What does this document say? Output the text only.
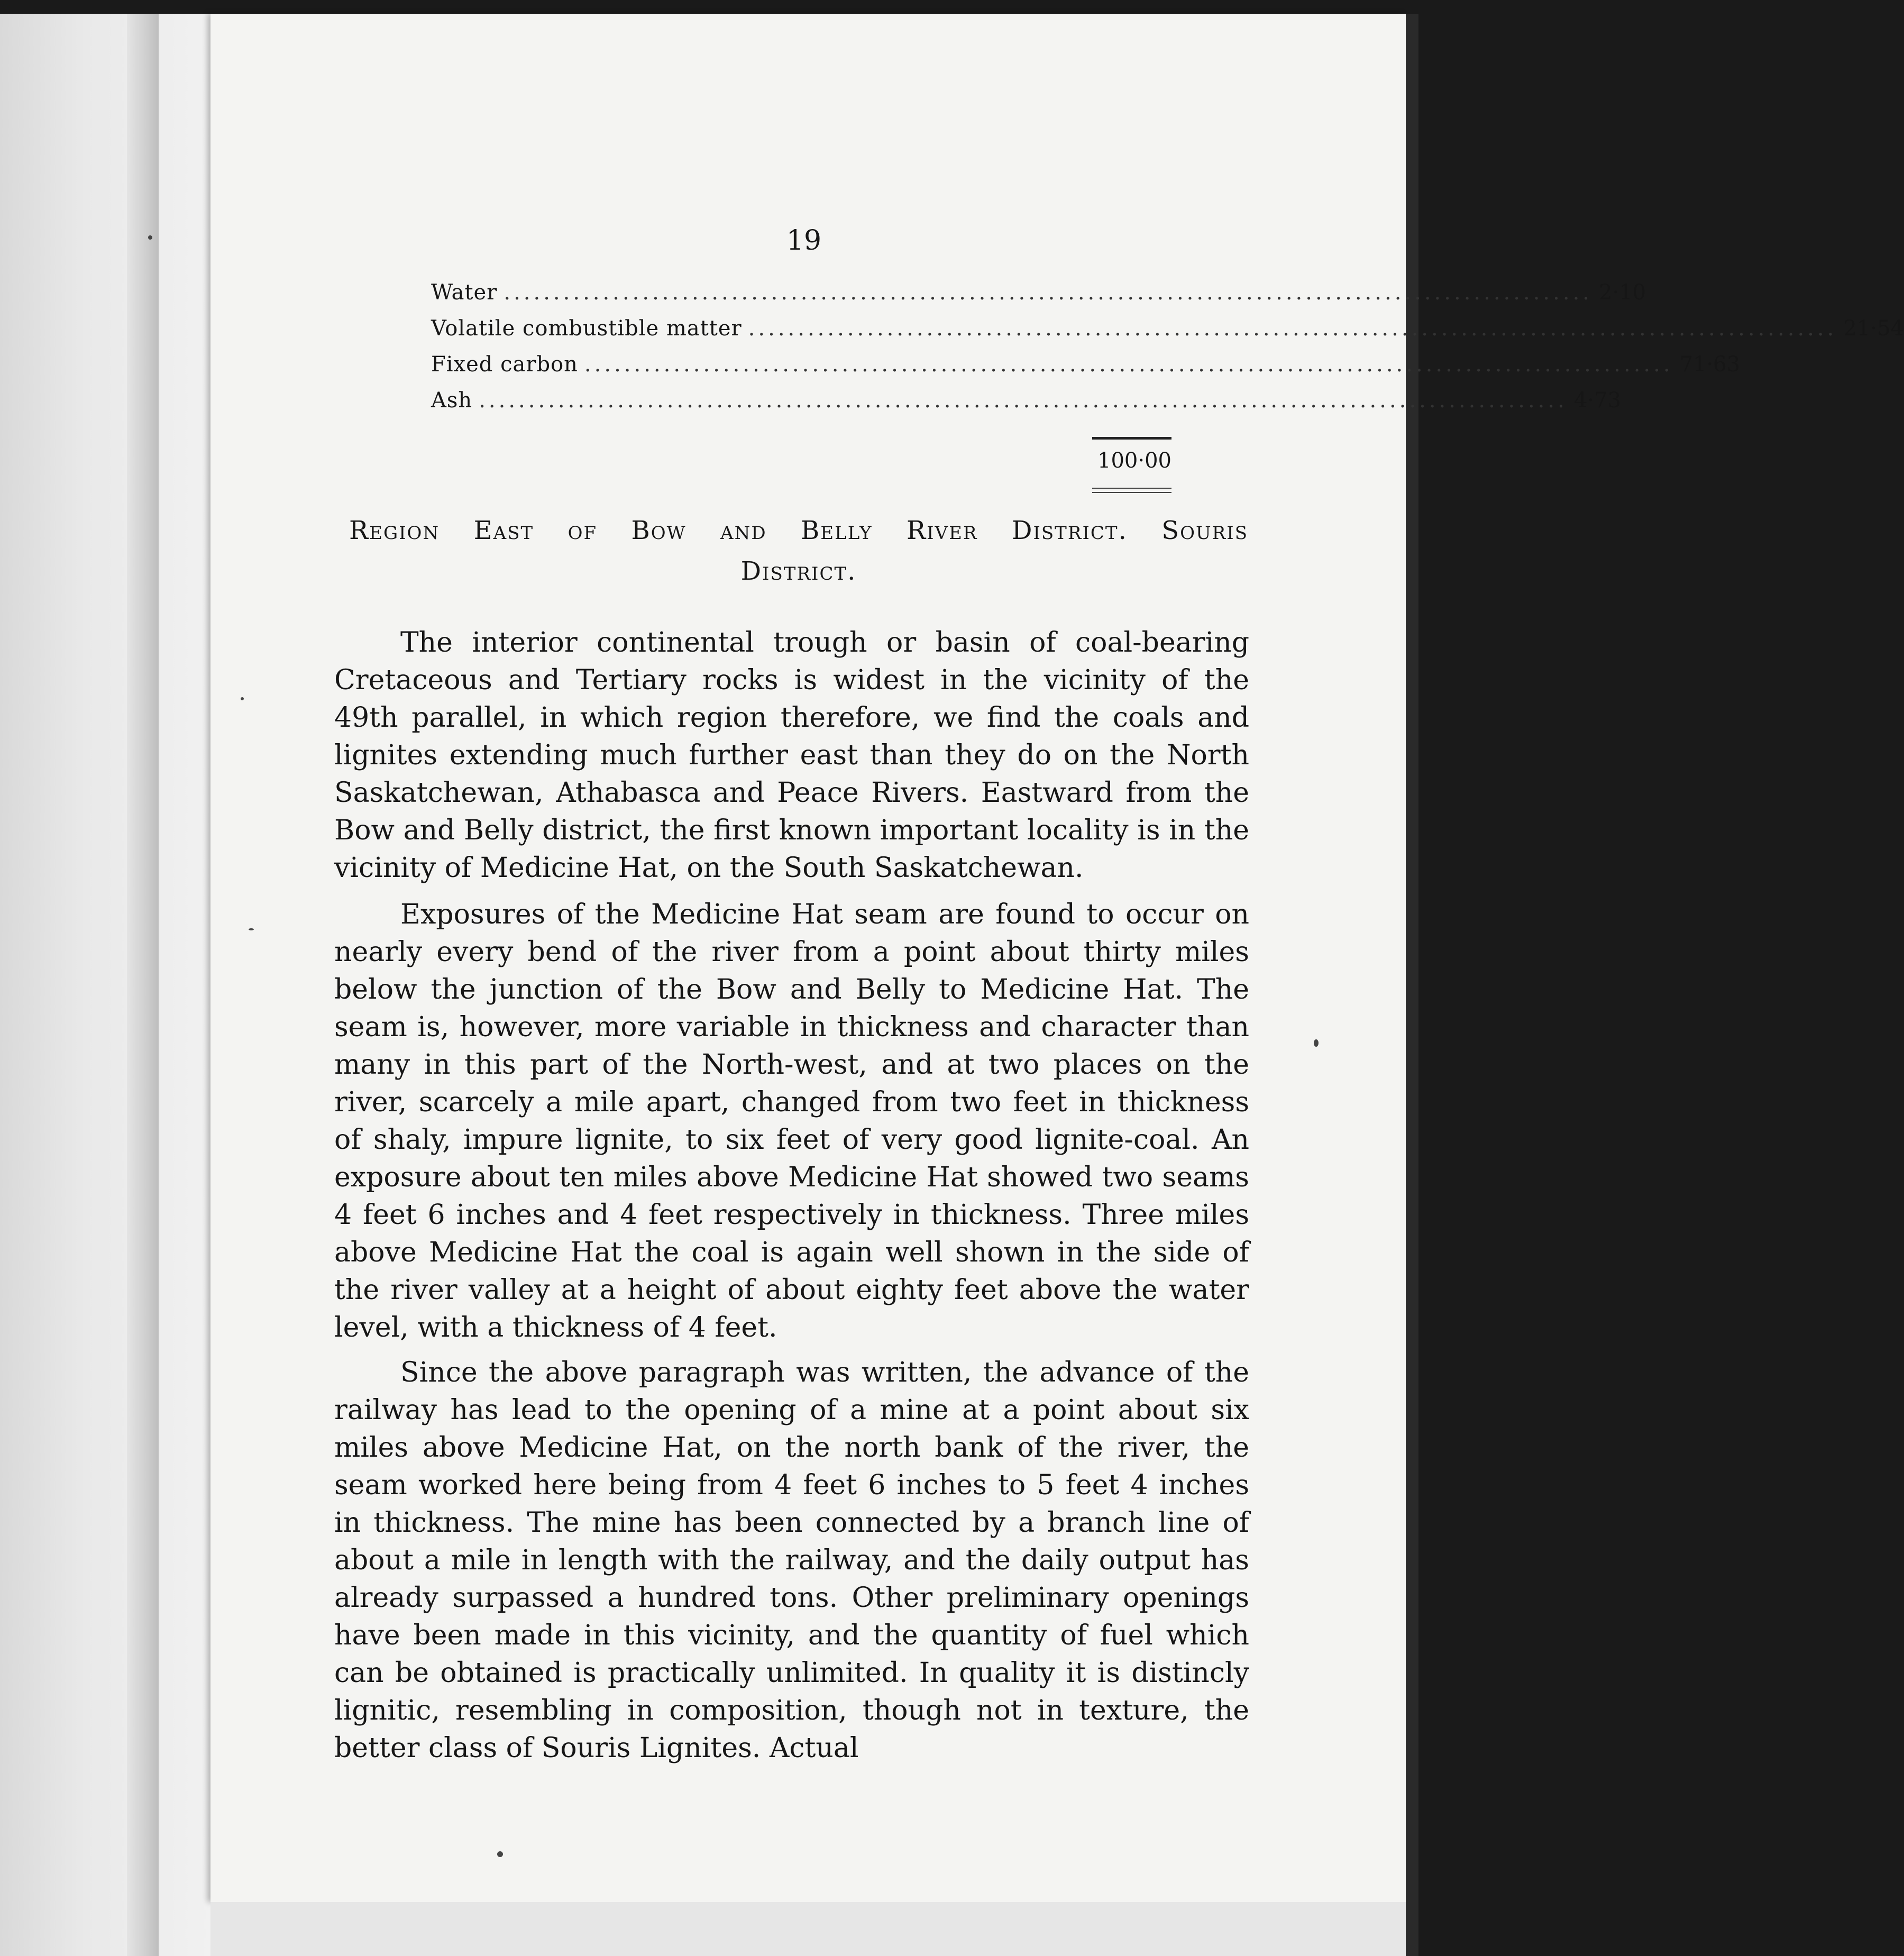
19
Water .............................................................................................................. 2·10
Volatile combustible matter .............................................................................................................. 21·54
Fixed carbon .............................................................................................................. 71·63
Ash .............................................................................................................. 4·73
100·00
Region East of Bow and Belly River District. Souris
District.

The interior continental trough or basin of coal-bearing Cretaceous and Tertiary rocks is widest in the vicinity of the 49th parallel, in which region therefore, we find the coals and lignites extending much further east than they do on the North Saskatchewan, Athabasca and Peace Rivers. Eastward from the Bow and Belly district, the first known important locality is in the vicinity of Medicine Hat, on the South Saskatchewan.

Exposures of the Medicine Hat seam are found to occur on nearly every bend of the river from a point about thirty miles below the junction of the Bow and Belly to Medicine Hat. The seam is, however, more variable in thickness and character than many in this part of the North-west, and at two places on the river, scarcely a mile apart, changed from two feet in thickness of shaly, impure lignite, to six feet of very good lignite-coal. An exposure about ten miles above Medicine Hat showed two seams 4 feet 6 inches and 4 feet respectively in thickness. Three miles above Medicine Hat the coal is again well shown in the side of the river valley at a height of about eighty feet above the water level, with a thickness of 4 feet.

Since the above paragraph was written, the advance of the railway has lead to the opening of a mine at a point about six miles above Medicine Hat, on the north bank of the river, the seam worked here being from 4 feet 6 inches to 5 feet 4 inches in thickness. The mine has been connected by a branch line of about a mile in length with the railway, and the daily output has already surpassed a hundred tons. Other preliminary openings have been made in this vicinity, and the quantity of fuel which can be obtained is practically unlimited. In quality it is distincly lignitic, resembling in composition, though not in texture, the better class of Souris Lignites. Actual
